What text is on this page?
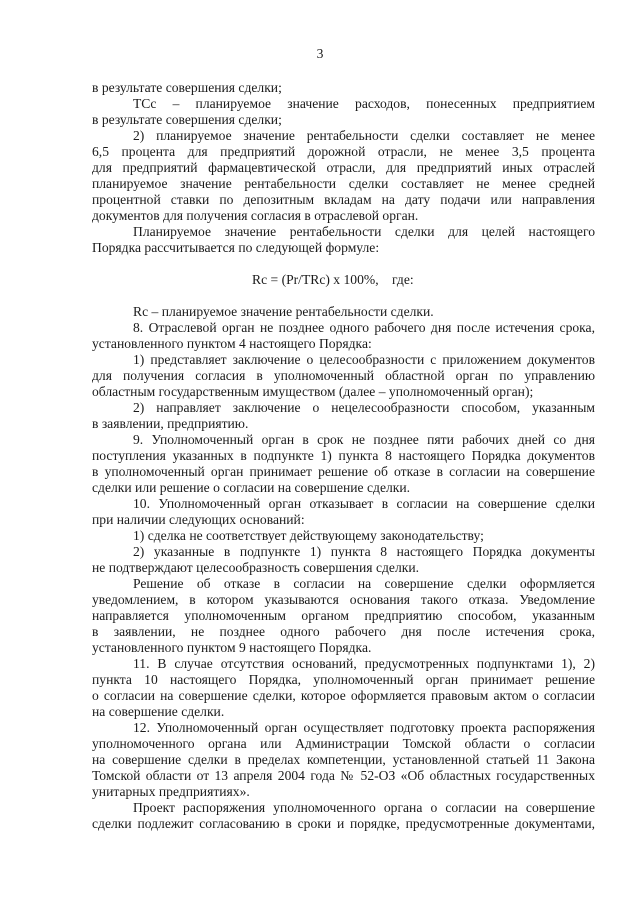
3
в результате совершения сделки;
TCc – планируемое значение расходов, понесенных предприятием
в результате совершения сделки;
2) планируемое значение рентабельности сделки составляет не менее
6,5 процента для предприятий дорожной отрасли, не менее 3,5 процента
для предприятий фармацевтической отрасли, для предприятий иных отраслей
планируемое значение рентабельности сделки составляет не менее средней
процентной ставки по депозитным вкладам на дату подачи или направления
документов для получения согласия в отраслевой орган.
Планируемое значение рентабельности сделки для целей настоящего
Порядка рассчитывается по следующей формуле:
Rc = (Pr/TRc) x 100%, где:
Rc – планируемое значение рентабельности сделки.
8. Отраслевой орган не позднее одного рабочего дня после истечения срока,
установленного пунктом 4 настоящего Порядка:
1) представляет заключение о целесообразности с приложением документов
для получения согласия в уполномоченный областной орган по управлению
областным государственным имуществом (далее – уполномоченный орган);
2) направляет заключение о нецелесообразности способом, указанным
в заявлении, предприятию.
9. Уполномоченный орган в срок не позднее пяти рабочих дней со дня
поступления указанных в подпункте 1) пункта 8 настоящего Порядка документов
в уполномоченный орган принимает решение об отказе в согласии на совершение
сделки или решение о согласии на совершение сделки.
10. Уполномоченный орган отказывает в согласии на совершение сделки
при наличии следующих оснований:
1) сделка не соответствует действующему законодательству;
2) указанные в подпункте 1) пункта 8 настоящего Порядка документы
не подтверждают целесообразность совершения сделки.
Решение об отказе в согласии на совершение сделки оформляется
уведомлением, в котором указываются основания такого отказа. Уведомление
направляется уполномоченным органом предприятию способом, указанным
в заявлении, не позднее одного рабочего дня после истечения срока,
установленного пунктом 9 настоящего Порядка.
11. В случае отсутствия оснований, предусмотренных подпунктами 1), 2)
пункта 10 настоящего Порядка, уполномоченный орган принимает решение
о согласии на совершение сделки, которое оформляется правовым актом о согласии
на совершение сделки.
12. Уполномоченный орган осуществляет подготовку проекта распоряжения
уполномоченного органа или Администрации Томской области о согласии
на совершение сделки в пределах компетенции, установленной статьей 11 Закона
Томской области от 13 апреля 2004 года № 52-ОЗ «Об областных государственных
унитарных предприятиях».
Проект распоряжения уполномоченного органа о согласии на совершение
сделки подлежит согласованию в сроки и порядке, предусмотренные документами,
